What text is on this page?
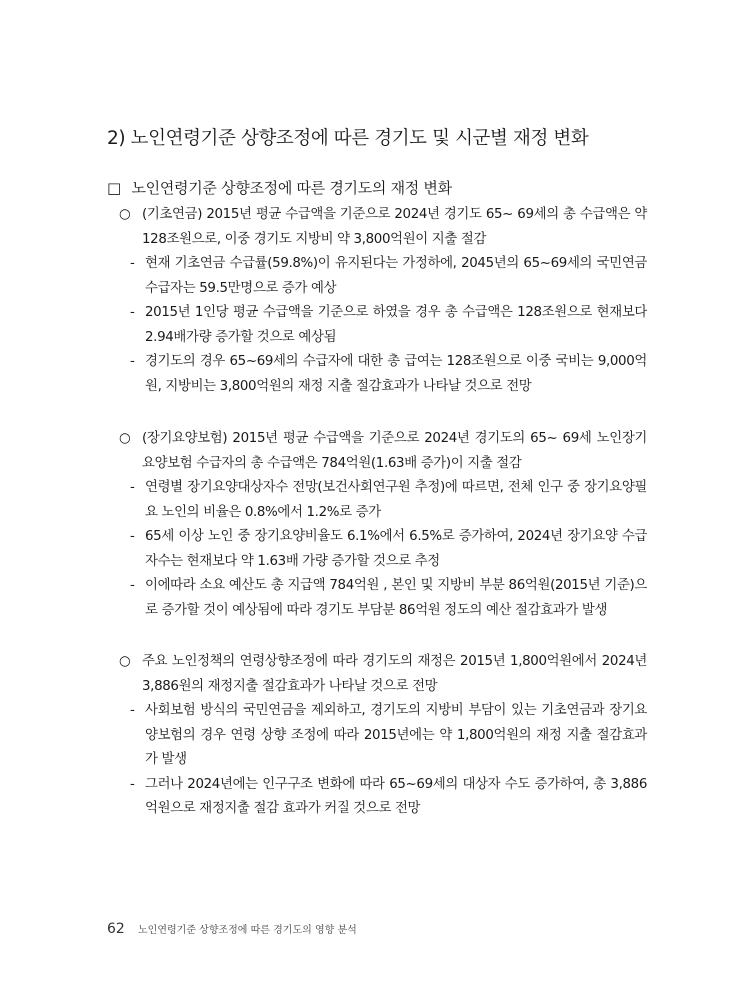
2) 노인연령기준 상향조정에 따른 경기도 및 시군별 재정 변화
□ 노인연령기준 상향조정에 따른 경기도의 재정 변화
○ (기초연금) 2015년 평균 수급액을 기준으로 2024년 경기도 65~ 69세의 총 수급액은 약 128조원으로, 이중 경기도 지방비 약 3,800억원이 지출 절감
- 현재 기초연금 수급률(59.8%)이 유지된다는 가정하에, 2045년의 65~69세의 국민연금 수급자는 59.5만명으로 증가 예상
- 2015년 1인당 평균 수급액을 기준으로 하였을 경우 총 수급액은 128조원으로 현재보다 2.94배가량 증가할 것으로 예상됨
- 경기도의 경우 65~69세의 수급자에 대한 총 급여는 128조원으로 이중 국비는 9,000억원, 지방비는 3,800억원의 재정 지출 절감효과가 나타날 것으로 전망
○ (장기요양보험) 2015년 평균 수급액을 기준으로 2024년 경기도의 65~ 69세 노인장기요양보험 수급자의 총 수급액은 784억원(1.63배 증가)이 지출 절감
- 연령별 장기요양대상자수 전망(보건사회연구원 추정)에 따르면, 전체 인구 중 장기요양필요 노인의 비율은 0.8%에서 1.2%로 증가
- 65세 이상 노인 중 장기요양비율도 6.1%에서 6.5%로 증가하여, 2024년 장기요양 수급자수는 현재보다 약 1.63배 가량 증가할 것으로 추정
- 이에따라 소요 예산도 총 지급액 784억원 , 본인 및 지방비 부분 86억원(2015년 기준)으로 증가할 것이 예상됨에 따라 경기도 부담분 86억원 정도의 예산 절감효과가 발생
○ 주요 노인정책의 연령상향조정에 따라 경기도의 재정은 2015년 1,800억원에서 2024년 3,886원의 재정지출 절감효과가 나타날 것으로 전망
- 사회보험 방식의 국민연금을 제외하고, 경기도의 지방비 부담이 있는 기초연금과 장기요양보험의 경우 연령 상향 조정에 따라 2015년에는 약 1,800억원의 재정 지출 절감효과가 발생
- 그러나 2024년에는 인구구조 변화에 따라 65~69세의 대상자 수도 증가하여, 총 3,886억원으로 재정지출 절감 효과가 커질 것으로 전망
62 노인연령기준 상향조정에 따른 경기도의 영향 분석
